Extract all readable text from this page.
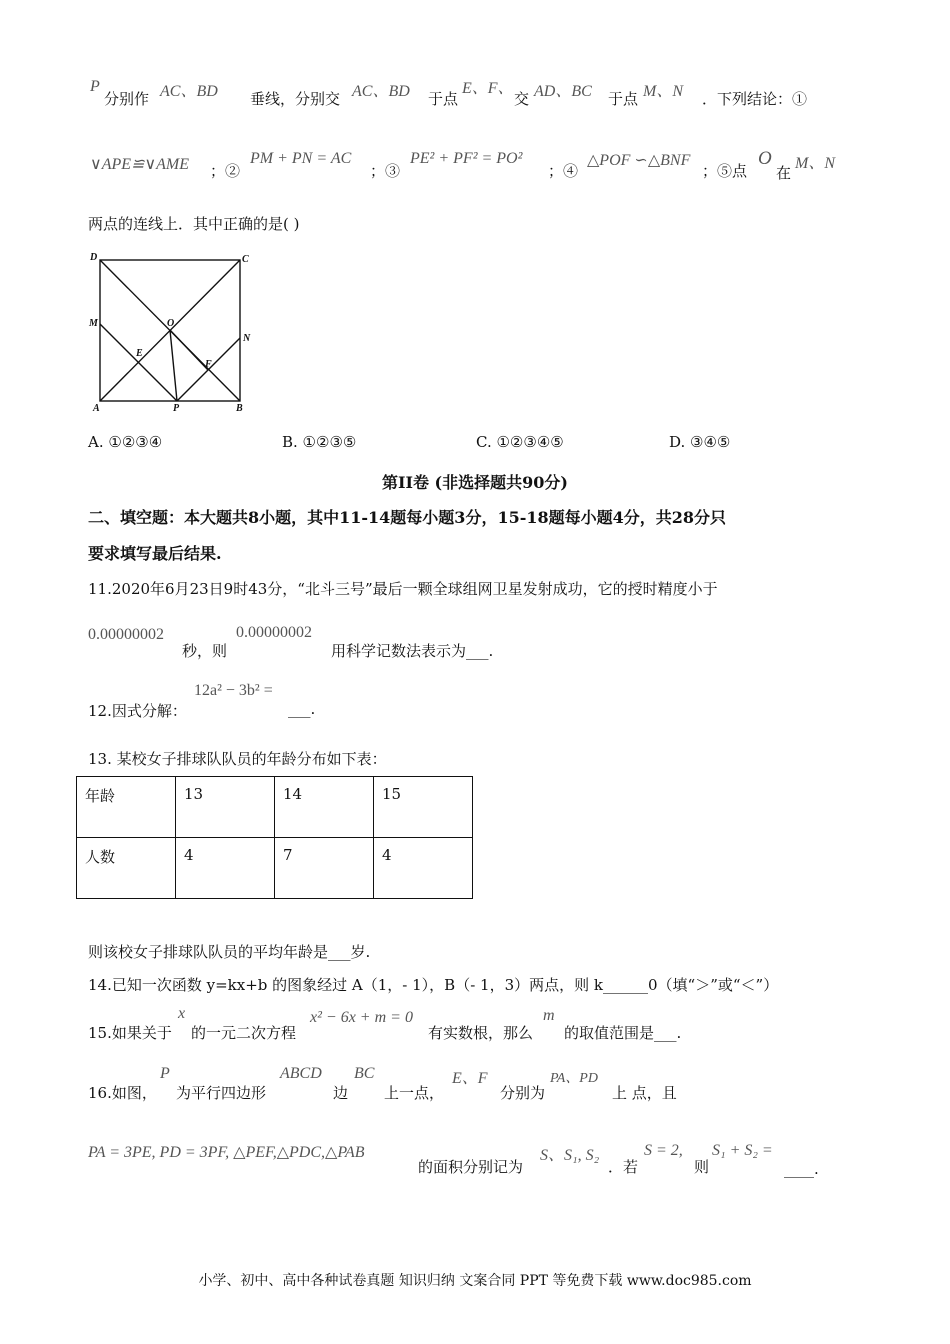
P
分别作 AC、BD 垂线，分别交 AC、BD 于点
E、F、
交 AD、BC 于点 M、N ．下列结论：①
∨APE≌∨AME ；②
PM + PN = AC
；③
PE² + PF² = PO²
；④
△POF ∽△BNF
；⑤点
O
在
M、N
两点的连线上．其中正确的是( )
D	C
M	O
N
E
F
A	P	B
A. ①②③④	B. ①②③⑤	C. ①②③④⑤	D. ③④⑤
第II卷 (非选择题共90分)
二、填空题：本大题共8小题，其中11-14题每小题3分，15-18题每小题4分，共28分只
要求填写最后结果.
11.2020年6月23日9时43分，“北斗三号”最后一颗全球组网卫星发射成功，它的授时精度小于
0.00000002
秒，则
0.00000002
用科学记数法表示为___.
12.因式分解：
12a² − 3b² =
___.
13. 某校女子排球队队员的年龄分布如下表：
年龄	13	14	15
人数	4	7	4
则该校女子排球队队员的平均年龄是___岁.
14.已知一次函数 y=kx+b 的图象经过 A（1，- 1），B（- 1，3）两点，则 k______0（填“＞”或“＜”）
15.如果关于
x
的一元二次方程
x² − 6x + m = 0
有实数根，那么
m
的取值范围是___.
16.如图，
P
为平行四边形
ABCD
边
BC
上一点，
E、F
分别为
PA、PD
上 点，且
PA = 3PE, PD = 3PF, △PEF,△PDC,△PAB
的面积分别记为
S、S₁, S₂
．若
S = 2,
则
S₁ + S₂ =
____.
小学、初中、高中各种试卷真题 知识归纳 文案合同 PPT 等免费下载 www.doc985.com
